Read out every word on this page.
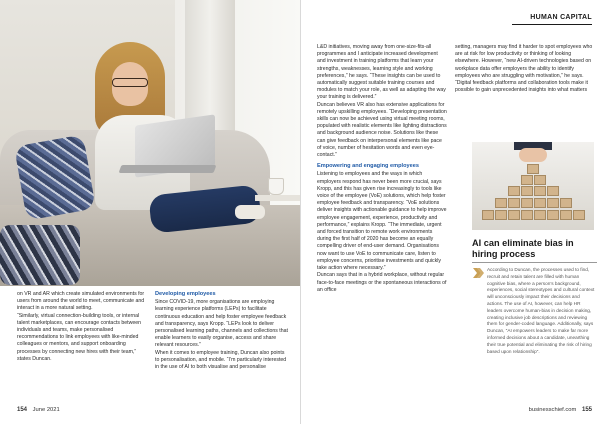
on VR and AR which create simulated environments for users from around the world to meet, communicate and interact in a more natural setting.
“Similarly, virtual connection-building tools, or internal talent marketplaces, can encourage contacts between individuals and teams, make personalised recommendations to link employees with like-minded colleagues or mentors, and support onboarding processes by connecting new hires with their team,” states Duncan.
Developing employees
Since COVID-19, more organisations are employing learning experience platforms (LEPs) to facilitate continuous education and help foster employee feedback and transparency, says Kropp. “LEPs look to deliver personalised learning paths, channels and collections that enable learners to easily organise, access and share relevant resources.”
When it comes to employee training, Duncan also points to personalisation, and mobile. “I’m particularly interested in the use of AI to both visualise and personalise
HUMAN CAPITAL
L&D initiatives, moving away from one-size-fits-all programmes and I anticipate increased development and investment in training platforms that learn your strengths, weaknesses, learning style and working preferences,” he says. “These insights can be used to automatically suggest suitable training courses and modules to match your role, as well as adapting the way your training is delivered.”
Duncan believes VR also has extensive applications for remotely upskilling employees. “Developing presentation skills can now be achieved using virtual meeting rooms, populated with realistic elements like lighting distractions and background audience noise. Solutions like these can give feedback on interpersonal elements like pace of voice, number of hesitation words and even eye-contact.”
Empowering and engaging employees
Listening to employees and the ways in which employers respond has never been more crucial, says Kropp, and this has given rise increasingly to tools like voice of the employee (VoE) solutions, which help foster employee feedback and transparency. “VoE solutions deliver insights with actionable guidance to help improve employee engagement, experience, productivity and performance,” explains Kropp. “The immediate, urgent and forced transition to remote work environments during the first half of 2020 has become an equally compelling driver of end-user demand. Organisations now want to use VoE to communicate care, listen to employee concerns, prioritise investments and quickly take action where necessary.”
Duncan says that in a hybrid workplace, without regular face-to-face meetings or the spontaneous interactions of an office
setting, managers may find it harder to spot employees who are at risk for low productivity or thinking of looking elsewhere. However, “new AI-driven technologies based on workplace data offer employers the ability to identify employees who are struggling with motivation,” he says.
“Digital feedback platforms and collaboration tools make it possible to gain unprecedented insights into what matters
AI can eliminate bias in hiring process
According to Duncan, the processes used to find, recruit and retain talent are filled with human cognitive bias, where a person’s background, experiences, social stereotypes and cultural context will unconsciously impact their decisions and actions. The use of AI, however, can help HR leaders overcome human-bias in decision making, creating inclusive job descriptions and reviewing them for gender-coded language. Additionally, says Duncan, “AI empowers leaders to make far more informed decisions about a candidate, unearthing their true potential and eliminating the risk of hiring based upon relationship”.
154 June 2021	businesschief.com 155
